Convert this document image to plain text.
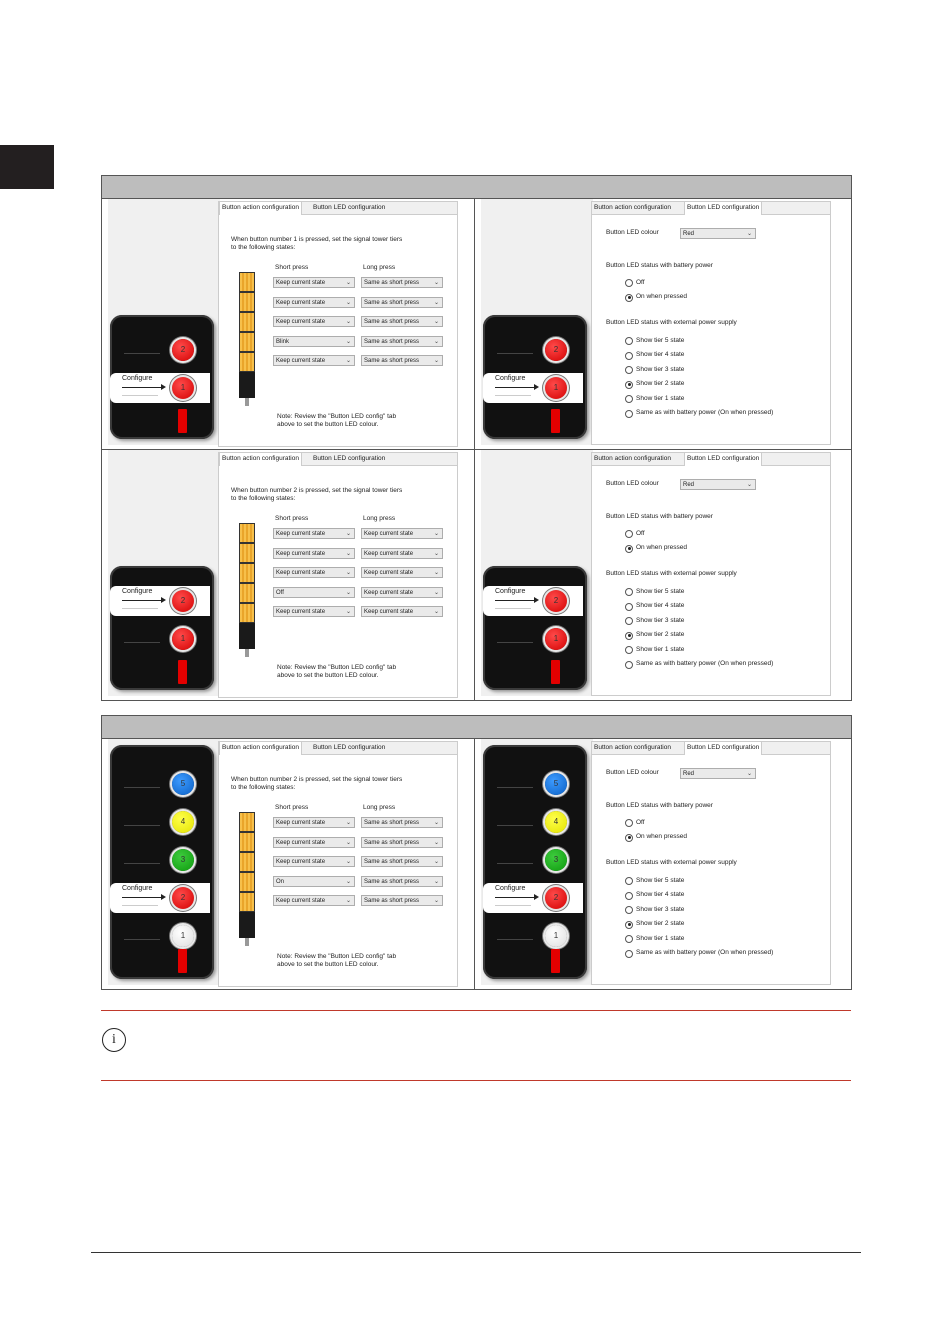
2
Configure
1
Button action configuration	Button LED configuration
When button number 1 is pressed, set the signal tower tiers
to the following states:
Short press	Long press
Keep current state	⌄	Same as short press ⌄
Keep current state	⌄	Same as short press ⌄
Keep current state	⌄	Same as short press ⌄
Blink	⌄	Same as short press ⌄
Keep current state	⌄	Same as short press ⌄
Note: Review the "Button LED config" tab
above to set the button LED colour.
2
Configure
1
Button action configuration	Button LED configuration
Button LED colour	Red	⌄
Button LED status with battery power
Off
On when pressed
Button LED status with external power supply
Show tier 5 state
Show tier 4 state
Show tier 3 state
Show tier 2 state
Show tier 1 state
Same as with battery power (On when pressed)
Configure
2
1
Button action configuration	Button LED configuration
When button number 2 is pressed, set the signal tower tiers
to the following states:
Short press	Long press
Keep current state	⌄	Keep current state	⌄
Keep current state	⌄	Keep current state	⌄
Keep current state	⌄	Keep current state	⌄
Off	⌄	Keep current state	⌄
Keep current state	⌄	Keep current state	⌄
Note: Review the "Button LED config" tab
above to set the button LED colour.
Configure
2
1
Button action configuration	Button LED configuration
Button LED colour	Red	⌄
Button LED status with battery power
Off
On when pressed
Button LED status with external power supply
Show tier 5 state
Show tier 4 state
Show tier 3 state
Show tier 2 state
Show tier 1 state
Same as with battery power (On when pressed)
5
4
3
Configure
2
1
Button action configuration	Button LED configuration
When button number 2 is pressed, set the signal tower tiers
to the following states:
Short press	Long press
Keep current state	⌄	Same as short press ⌄
Keep current state	⌄	Same as short press ⌄
Keep current state	⌄	Same as short press ⌄
On	⌄	Same as short press ⌄
Keep current state	⌄	Same as short press ⌄
Note: Review the "Button LED config" tab
above to set the button LED colour.
5
4
3
Configure
2
1
Button action configuration	Button LED configuration
Button LED colour	Red	⌄
Button LED status with battery power
Off
On when pressed
Button LED status with external power supply
Show tier 5 state
Show tier 4 state
Show tier 3 state
Show tier 2 state
Show tier 1 state
Same as with battery power (On when pressed)
i
